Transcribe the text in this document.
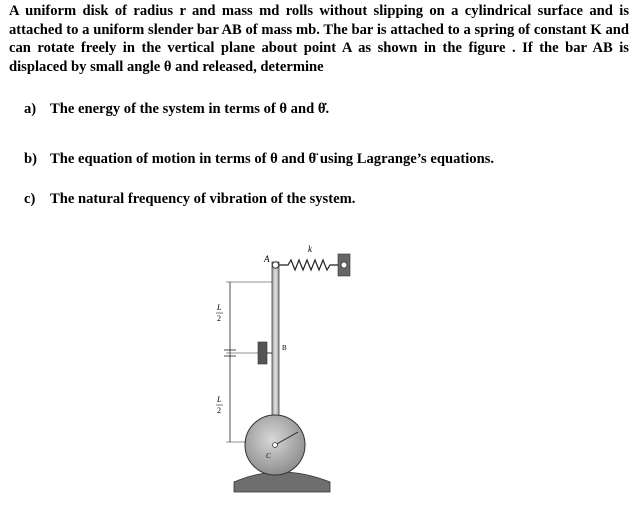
A uniform disk of radius r and mass md rolls without slipping on a cylindrical surface and is attached to a uniform slender bar AB of mass mb. The bar is attached to a spring of constant K and can rotate freely in the vertical plane about point A as shown in the figure . If the bar AB is displaced by small angle θ and released, determine
a) The energy of the system in terms of θ and θ̇.
b) The equation of motion in terms of θ and θ̈ using Lagrange’s equations.
c) The natural frequency of vibration of the system.
A
k
B
C
L
2
L
2
